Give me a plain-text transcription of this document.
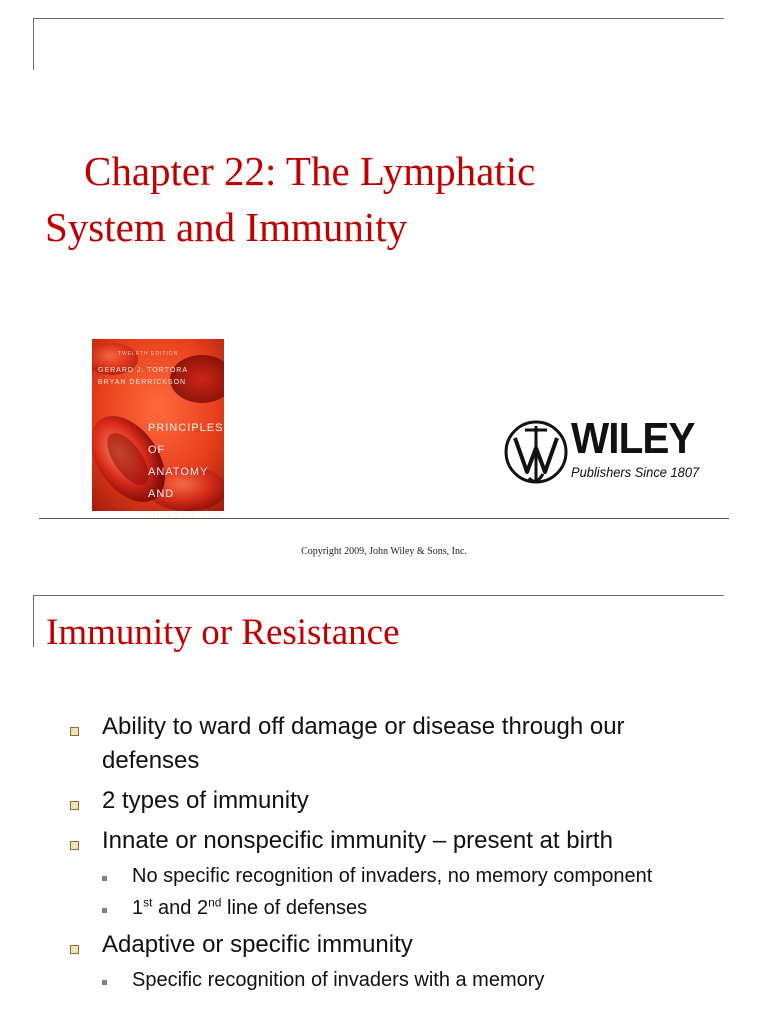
Chapter 22: The Lymphatic
System and Immunity
TWELFTH EDITION
GERARD J. TORTORA
BRYAN DERRICKSON
PRINCIPLES OF
ANATOMY AND
PHYSIOLOGY
WILEY
Publishers Since 1807
Copyright 2009, John Wiley & Sons, Inc.
Immunity or Resistance
Ability to ward off damage or disease through our defenses
2 types of immunity
Innate or nonspecific immunity – present at birth
No specific recognition of invaders, no memory component
1st and 2nd line of defenses
Adaptive or specific immunity
Specific recognition of invaders with a memory
